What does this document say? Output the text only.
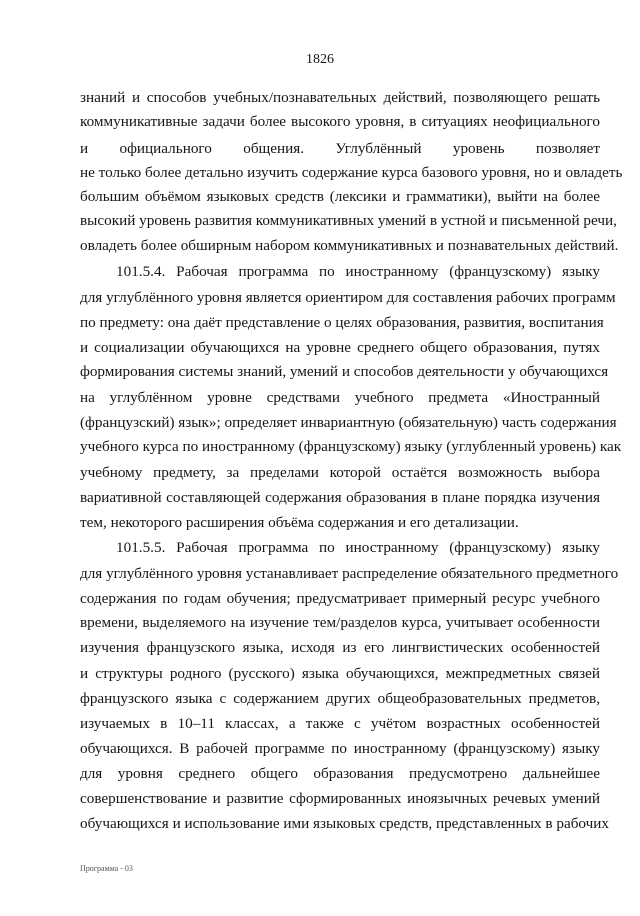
1826
знаний и способов учебных/познавательных действий, позволяющего решать
коммуникативные задачи более высокого уровня, в ситуациях неофициального
и официального общения. Углублённый уровень позволяет
не только более детально изучить содержание курса базового уровня, но и овладеть
большим объёмом языковых средств (лексики и грамматики), выйти на более
высокий уровень развития коммуникативных умений в устной и письменной речи,
овладеть более обширным набором коммуникативных и познавательных действий.
101.5.4. Рабочая программа по иностранному (французскому) языку
для углублённого уровня является ориентиром для составления рабочих программ
по предмету: она даёт представление о целях образования, развития, воспитания
и социализации обучающихся на уровне среднего общего образования, путях
формирования системы знаний, умений и способов деятельности у обучающихся
на углублённом уровне средствами учебного предмета «Иностранный
(французский) язык»; определяет инвариантную (обязательную) часть содержания
учебного курса по иностранному (французскому) языку (углубленный уровень) как
учебному предмету, за пределами которой остаётся возможность выбора
вариативной составляющей содержания образования в плане порядка изучения
тем, некоторого расширения объёма содержания и его детализации.
101.5.5. Рабочая программа по иностранному (французскому) языку
для углублённого уровня устанавливает распределение обязательного предметного
содержания по годам обучения; предусматривает примерный ресурс учебного
времени, выделяемого на изучение тем/разделов курса, учитывает особенности
изучения французского языка, исходя из его лингвистических особенностей
и структуры родного (русского) языка обучающихся, межпредметных связей
французского языка с содержанием других общеобразовательных предметов,
изучаемых в 10–11 классах, а также с учётом возрастных особенностей
обучающихся. В рабочей программе по иностранному (французскому) языку
для уровня среднего общего образования предусмотрено дальнейшее
совершенствование и развитие сформированных иноязычных речевых умений
обучающихся и использование ими языковых средств, представленных в рабочих
Программа - 03
